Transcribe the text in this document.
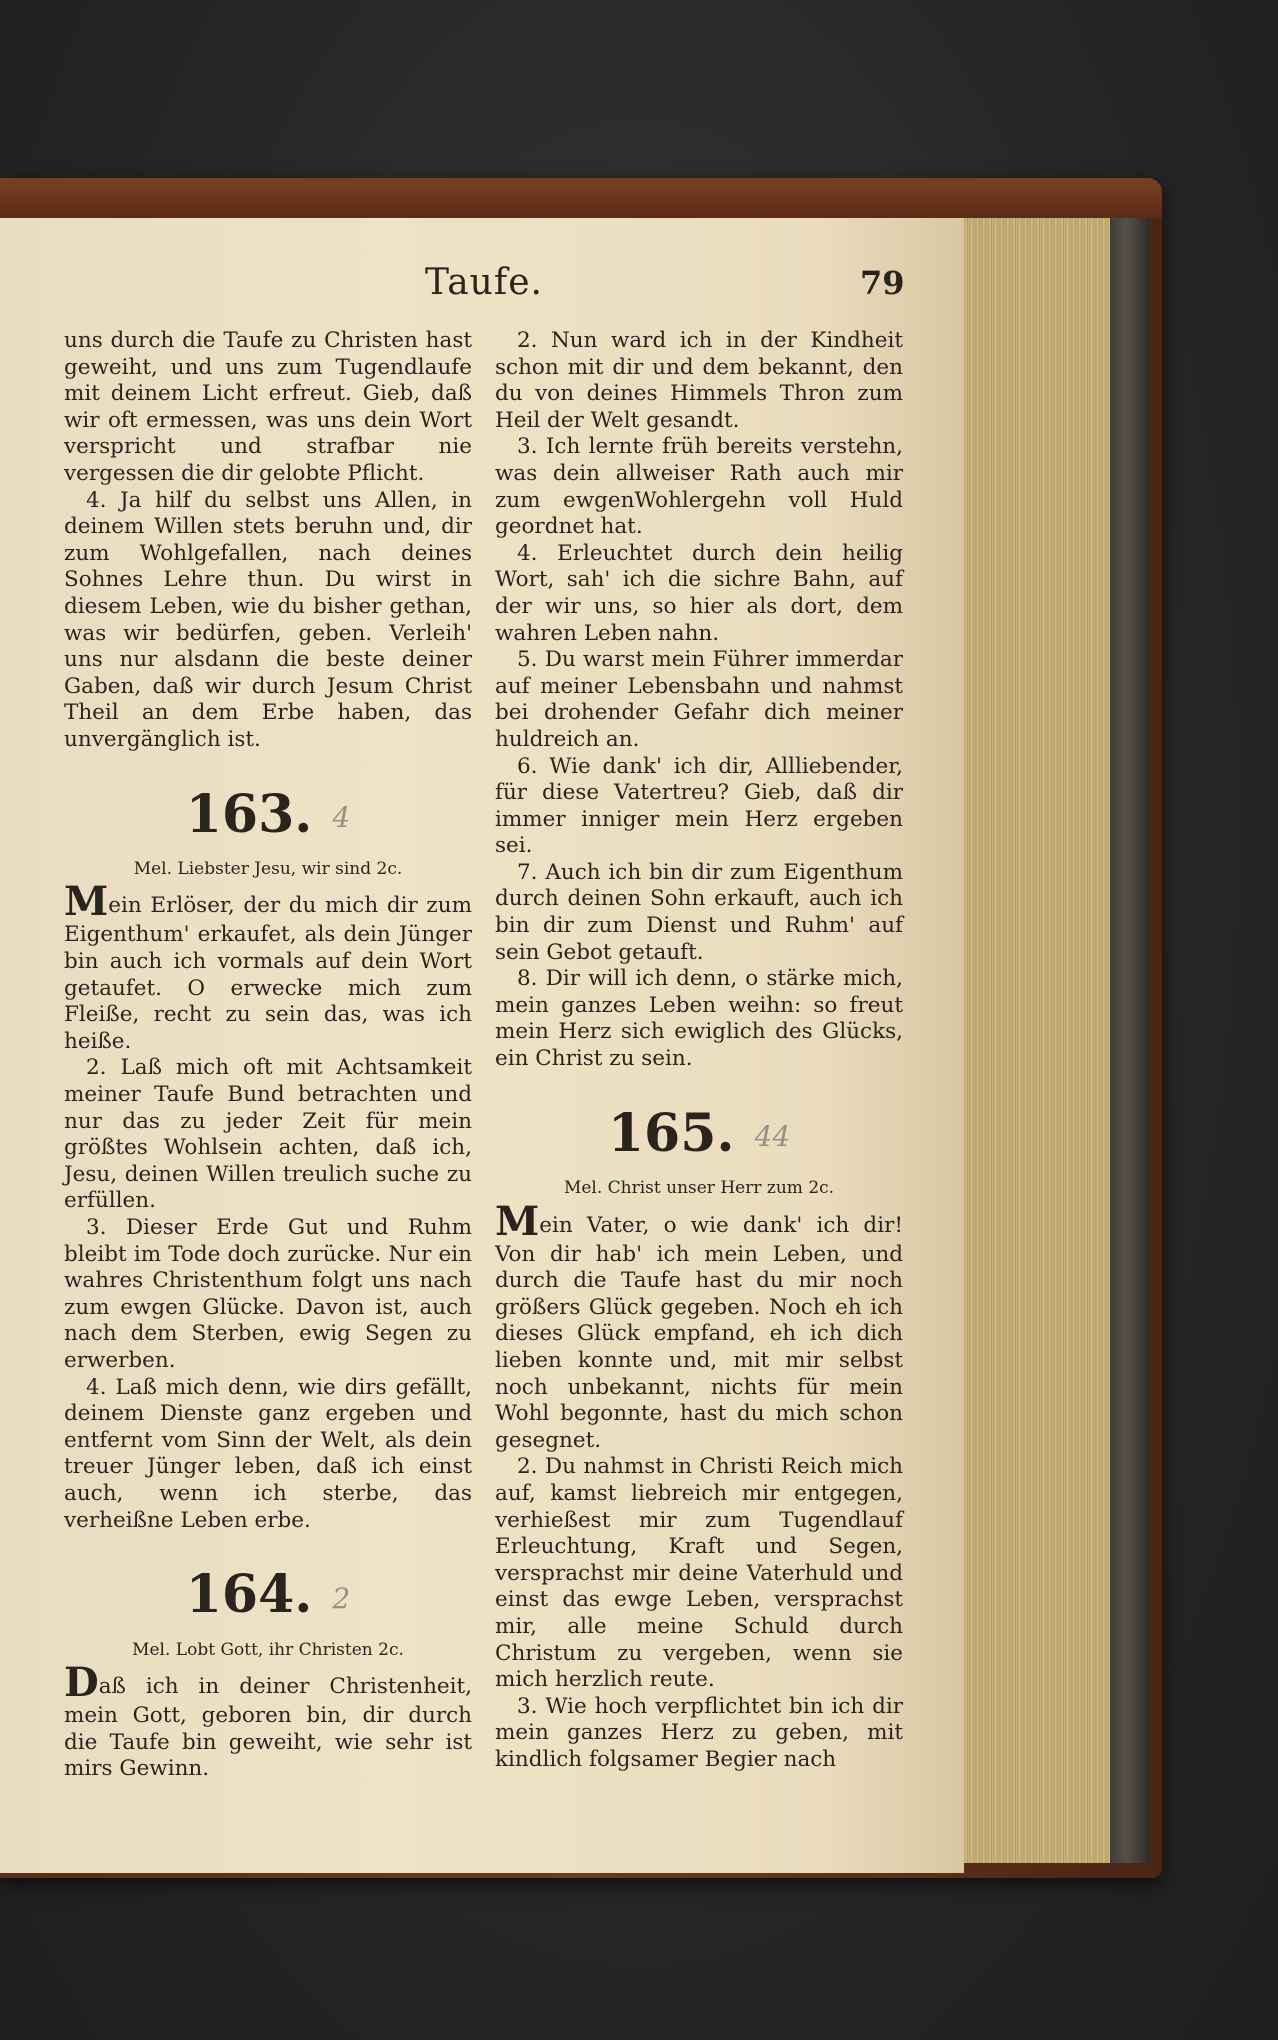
Taufe.	79

uns durch die Taufe zu Christen hast geweiht, und uns zum Tugendlaufe mit deinem Licht erfreut. Gieb, daß wir oft ermessen, was uns dein Wort verspricht und strafbar nie vergessen die dir gelobte Pflicht.

4. Ja hilf du selbst uns Allen, in deinem Willen stets beruhn und, dir zum Wohlgefallen, nach deines Sohnes Lehre thun. Du wirst in diesem Leben, wie du bisher gethan, was wir bedürfen, geben. Verleih' uns nur alsdann die beste deiner Gaben, daß wir durch Jesum Christ Theil an dem Erbe haben, das unvergänglich ist.

163. 4

Mel. Liebster Jesu, wir sind 2c.

Mein Erlöser, der du mich dir zum Eigenthum' erkaufet, als dein Jünger bin auch ich vormals auf dein Wort getaufet. O erwecke mich zum Fleiße, recht zu sein das, was ich heiße.

2. Laß mich oft mit Achtsamkeit meiner Taufe Bund betrachten und nur das zu jeder Zeit für mein größtes Wohlsein achten, daß ich, Jesu, deinen Willen treulich suche zu erfüllen.

3. Dieser Erde Gut und Ruhm bleibt im Tode doch zurücke. Nur ein wahres Christenthum folgt uns nach zum ewgen Glücke. Davon ist, auch nach dem Sterben, ewig Segen zu erwerben.

4. Laß mich denn, wie dirs gefällt, deinem Dienste ganz ergeben und entfernt vom Sinn der Welt, als dein treuer Jünger leben, daß ich einst auch, wenn ich sterbe, das verheißne Leben erbe.

164. 2

Mel. Lobt Gott, ihr Christen 2c.

Daß ich in deiner Christenheit, mein Gott, geboren bin, dir durch die Taufe bin geweiht, wie sehr ist mirs Gewinn.

2. Nun ward ich in der Kindheit schon mit dir und dem bekannt, den du von deines Himmels Thron zum Heil der Welt gesandt.

3. Ich lernte früh bereits verstehn, was dein allweiser Rath auch mir zum ewgenWohlergehn voll Huld geordnet hat.

4. Erleuchtet durch dein heilig Wort, sah' ich die sichre Bahn, auf der wir uns, so hier als dort, dem wahren Leben nahn.

5. Du warst mein Führer immerdar auf meiner Lebensbahn und nahmst bei drohender Gefahr dich meiner huldreich an.

6. Wie dank' ich dir, Allliebender, für diese Vatertreu? Gieb, daß dir immer inniger mein Herz ergeben sei.

7. Auch ich bin dir zum Eigenthum durch deinen Sohn erkauft, auch ich bin dir zum Dienst und Ruhm' auf sein Gebot getauft.

8. Dir will ich denn, o stärke mich, mein ganzes Leben weihn: so freut mein Herz sich ewiglich des Glücks, ein Christ zu sein.

165. 44

Mel. Christ unser Herr zum 2c.

Mein Vater, o wie dank' ich dir! Von dir hab' ich mein Leben, und durch die Taufe hast du mir noch größers Glück gegeben. Noch eh ich dieses Glück empfand, eh ich dich lieben konnte und, mit mir selbst noch unbekannt, nichts für mein Wohl begonnte, hast du mich schon gesegnet.

2. Du nahmst in Christi Reich mich auf, kamst liebreich mir entgegen, verhießest mir zum Tugendlauf Erleuchtung, Kraft und Segen, versprachst mir deine Vaterhuld und einst das ewge Leben, versprachst mir, alle meine Schuld durch Christum zu vergeben, wenn sie mich herzlich reute.

3. Wie hoch verpflichtet bin ich dir mein ganzes Herz zu geben, mit kindlich folgsamer Begier nach
